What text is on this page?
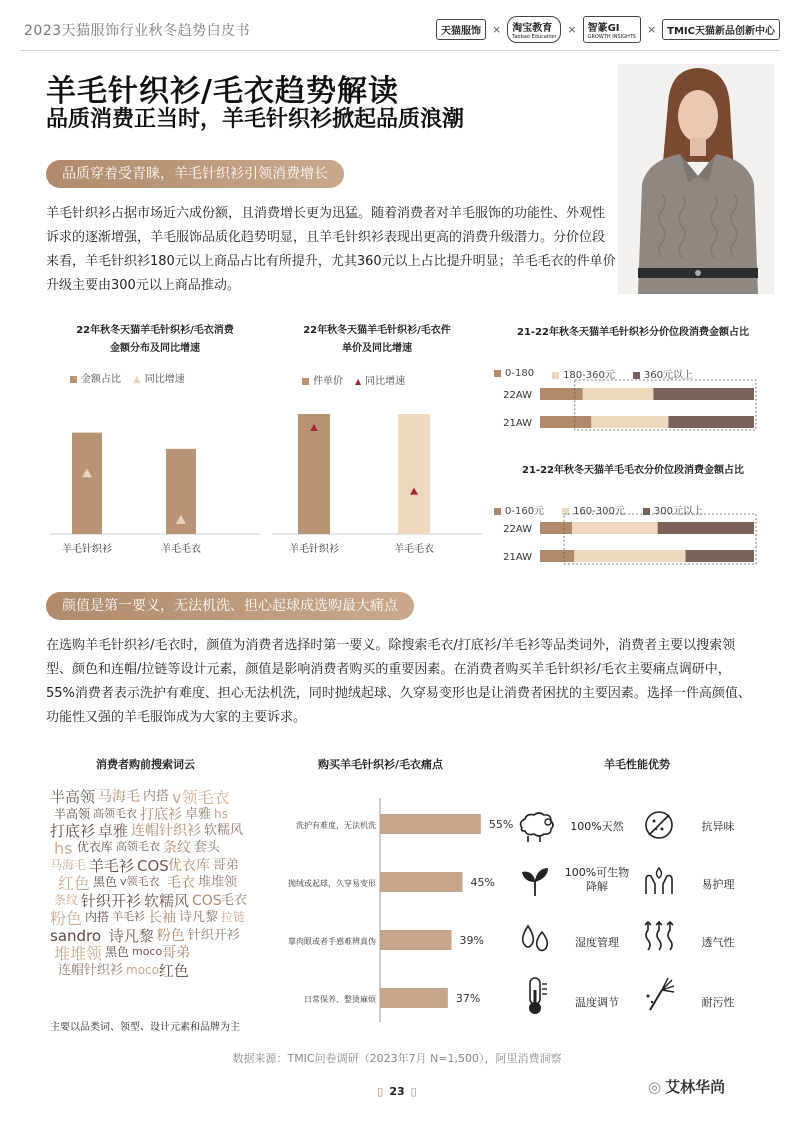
2023天猫服饰行业秋冬趋势白皮书	天猫服饰	×	淘宝教育
Taobao Education
×	智篆GI
GROWTH INSIGHTS
×	TMIC天猫新品创新中心
羊毛针织衫/毛衣趋势解读
品质消费正当时，羊毛针织衫掀起品质浪潮
品质穿着受青睐，羊毛针织衫引领消费增长
羊毛针织衫占据市场近六成份额，且消费增长更为迅猛。随着消费者对羊毛服饰的功能性、外观性诉求的逐渐增强，羊毛服饰品质化趋势明显，且羊毛针织衫表现出更高的消费升级潜力。分价位段来看，羊毛针织衫180元以上商品占比有所提升，尤其360元以上占比提升明显；羊毛毛衣的件单价升级主要由300元以上商品推动。
22年秋冬天猫羊毛针织衫/毛衣消费
金额分布及同比增速
金额占比 ▲ 同比增速
羊毛针织衫	羊毛毛衣
22年秋冬天猫羊毛针织衫/毛衣件
单价及同比增速
件单价 ▲ 同比增速
羊毛针织衫	羊毛毛衣
21-22年秋冬天猫羊毛针织衫分价位段消费金额占比
0-180	180-360元	360元以上
22AW
21AW
21-22年秋冬天猫羊毛毛衣分价位段消费金额占比
0-160元	160-300元	300元以上
22AW
21AW
颜值是第一要义，无法机洗、担心起球成选购最大痛点
在选购羊毛针织衫/毛衣时，颜值为消费者选择时第一要义。除搜索毛衣/打底衫/羊毛衫等品类词外，消费者主要以搜索领型、颜色和连帽/拉链等设计元素，颜值是影响消费者购买的重要因素。在消费者购买羊毛针织衫/毛衣主要痛点调研中，55%消费者表示洗护有难度、担心无法机洗，同时抛绒起球、久穿易变形也是让消费者困扰的主要因素。选择一件高颜值、功能性又强的羊毛服饰成为大家的主要诉求。
消费者购前搜索词云
半高领 马海毛 内搭 v领毛衣
半高领 高领毛衣 打底衫 卓雅 hs
打底衫 卓雅 连帽针织衫 软糯风
hs 优衣库 高领毛衣 条纹 套头
马海毛 羊毛衫 COS 优衣库 哥弟
红色 黑色 v领毛衣 毛衣 堆堆领
条纹 针织开衫 软糯风 COS 毛衣
粉色 内搭 羊毛衫 长袖 诗凡黎 拉链
sandro 诗凡黎 粉色 针织开衫
堆堆领 黑色 moco 哥弟
连帽针织衫 moco 红色
主要以品类词、领型、设计元素和品牌为主
购买羊毛针织衫/毛衣痛点
洗护有难度，无法机洗	55%
抛绒或起球，久穿易变形	45%
靠肉眼或者手感难辨真伪	39%
日常保养、整烫麻烦	37%
羊毛性能优势
100%天然	抗异味
100%可生物降解	易护理
湿度管理	透气性
温度调节	耐污性
数据来源：TMIC问卷调研（2023年7月 N=1,500），阿里消费洞察
▯ 23 ▯	◎ 艾林华尚
